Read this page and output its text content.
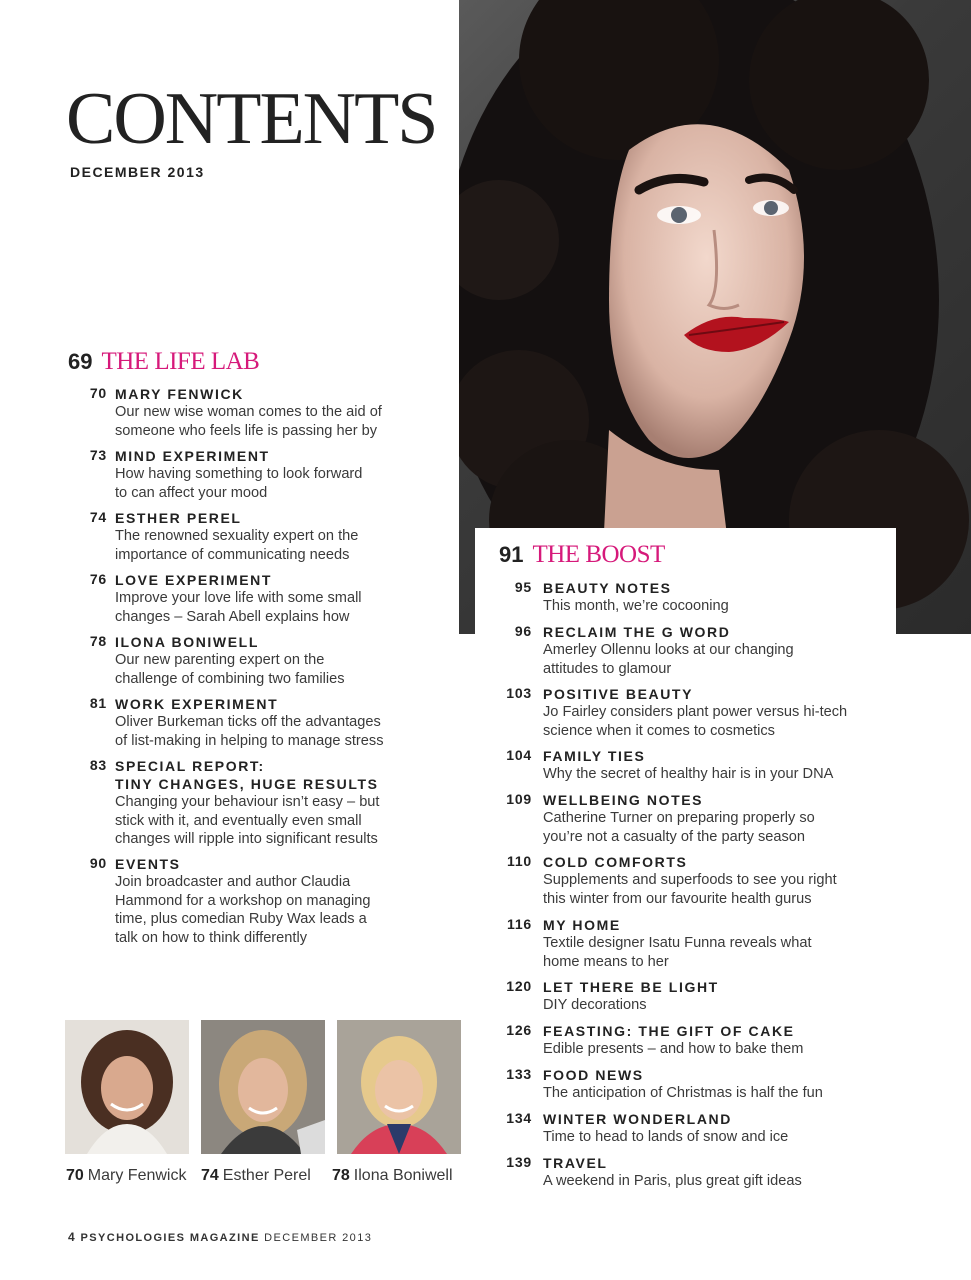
CONTENTS
DECEMBER 2013
69 THE LIFE LAB
70 MARY FENWICK
Our new wise woman comes to the aid of
someone who feels life is passing her by
73 MIND EXPERIMENT
How having something to look forward
to can affect your mood
74 ESTHER PEREL
The renowned sexuality expert on the
importance of communicating needs
76 LOVE EXPERIMENT
Improve your love life with some small
changes – Sarah Abell explains how
78 ILONA BONIWELL
Our new parenting expert on the
challenge of combining two families
81 WORK EXPERIMENT
Oliver Burkeman ticks off the advantages
of list-making in helping to manage stress
83 SPECIAL REPORT:
TINY CHANGES, HUGE RESULTS
Changing your behaviour isn’t easy – but
stick with it, and eventually even small
changes will ripple into significant results
90 EVENTS
Join broadcaster and author Claudia
Hammond for a workshop on managing
time, plus comedian Ruby Wax leads a
talk on how to think differently
91 THE BOOST
95 BEAUTY NOTES
This month, we’re cocooning
96 RECLAIM THE G WORD
Amerley Ollennu looks at our changing
attitudes to glamour
103 POSITIVE BEAUTY
Jo Fairley considers plant power versus hi-tech
science when it comes to cosmetics
104 FAMILY TIES
Why the secret of healthy hair is in your DNA
109 WELLBEING NOTES
Catherine Turner on preparing properly so
you’re not a casualty of the party season
110 COLD COMFORTS
Supplements and superfoods to see you right
this winter from our favourite health gurus
116 MY HOME
Textile designer Isatu Funna reveals what
home means to her
120 LET THERE BE LIGHT
DIY decorations
126 FEASTING: THE GIFT OF CAKE
Edible presents – and how to bake them
133 FOOD NEWS
The anticipation of Christmas is half the fun
134 WINTER WONDERLAND
Time to head to lands of snow and ice
139 TRAVEL
A weekend in Paris, plus great gift ideas
70 Mary Fenwick 74 Esther Perel 78 Ilona Boniwell
4 PSYCHOLOGIES MAGAZINE DECEMBER 2013
